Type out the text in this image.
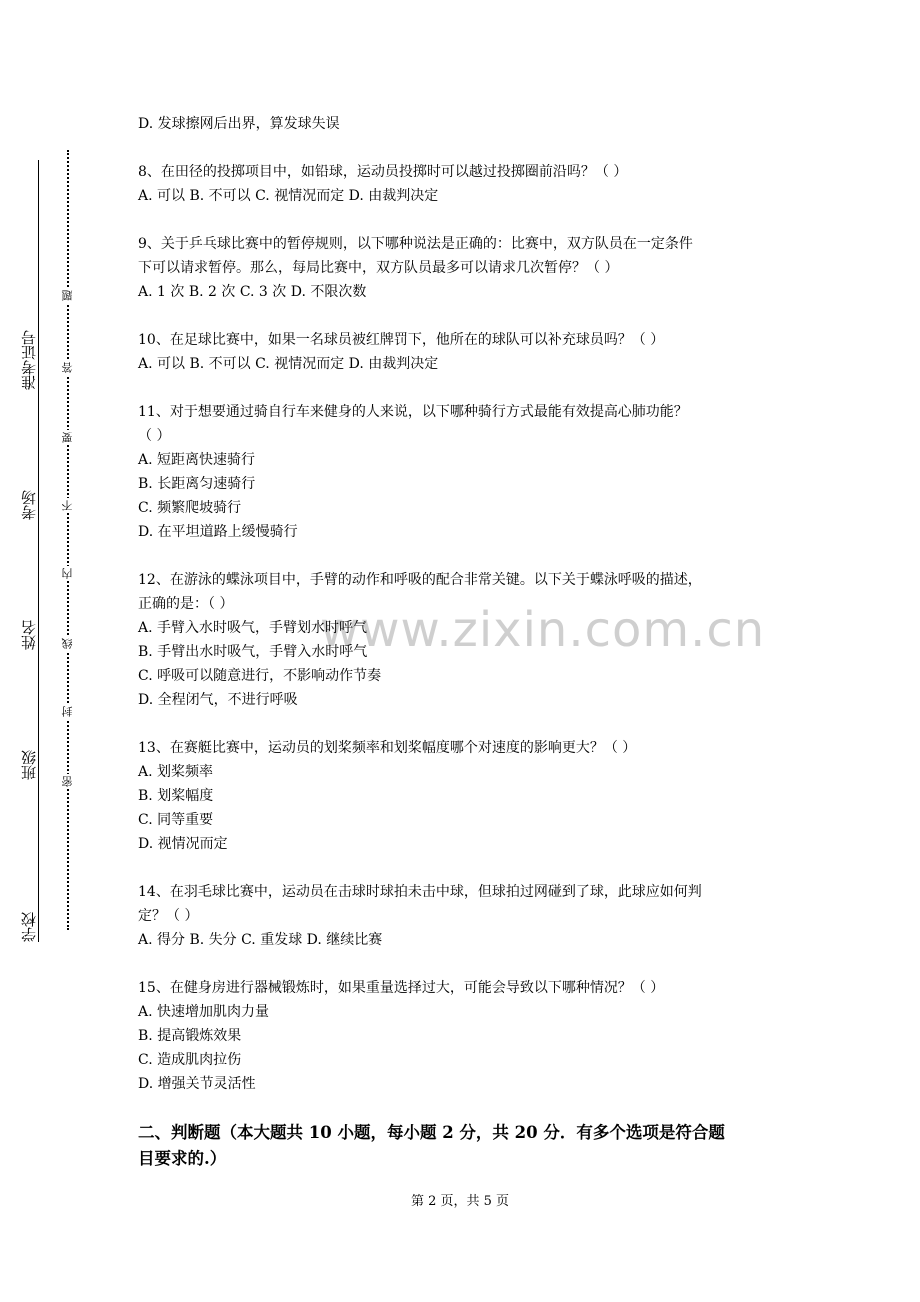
准考证号
考场
姓名
班级
学校
题
答
要
不
内
线
封
密
www.zixin.com.cn
D. 发球擦网后出界，算发球失误
8、在田径的投掷项目中，如铅球，运动员投掷时可以越过投掷圈前沿吗？（ ）
A. 可以 B. 不可以 C. 视情况而定 D. 由裁判决定
9、关于乒乓球比赛中的暂停规则，以下哪种说法是正确的：比赛中，双方队员在一定条件
下可以请求暂停。那么，每局比赛中，双方队员最多可以请求几次暂停？（ ）
A. 1 次 B. 2 次 C. 3 次 D. 不限次数
10、在足球比赛中，如果一名球员被红牌罚下，他所在的球队可以补充球员吗？（ ）
A. 可以 B. 不可以 C. 视情况而定 D. 由裁判决定
11、对于想要通过骑自行车来健身的人来说，以下哪种骑行方式最能有效提高心肺功能？
（ ）
A. 短距离快速骑行
B. 长距离匀速骑行
C. 频繁爬坡骑行
D. 在平坦道路上缓慢骑行
12、在游泳的蝶泳项目中，手臂的动作和呼吸的配合非常关键。以下关于蝶泳呼吸的描述，
正确的是：（ ）
A. 手臂入水时吸气，手臂划水时呼气
B. 手臂出水时吸气，手臂入水时呼气
C. 呼吸可以随意进行，不影响动作节奏
D. 全程闭气，不进行呼吸
13、在赛艇比赛中，运动员的划桨频率和划桨幅度哪个对速度的影响更大？（ ）
A. 划桨频率
B. 划桨幅度
C. 同等重要
D. 视情况而定
14、在羽毛球比赛中，运动员在击球时球拍未击中球，但球拍过网碰到了球，此球应如何判
定？（ ）
A. 得分 B. 失分 C. 重发球 D. 继续比赛
15、在健身房进行器械锻炼时，如果重量选择过大，可能会导致以下哪种情况？（ ）
A. 快速增加肌肉力量
B. 提高锻炼效果
C. 造成肌肉拉伤
D. 增强关节灵活性
二、判断题（本大题共 10 小题，每小题 2 分，共 20 分．有多个选项是符合题
目要求的.）
第 2 页，共 5 页
